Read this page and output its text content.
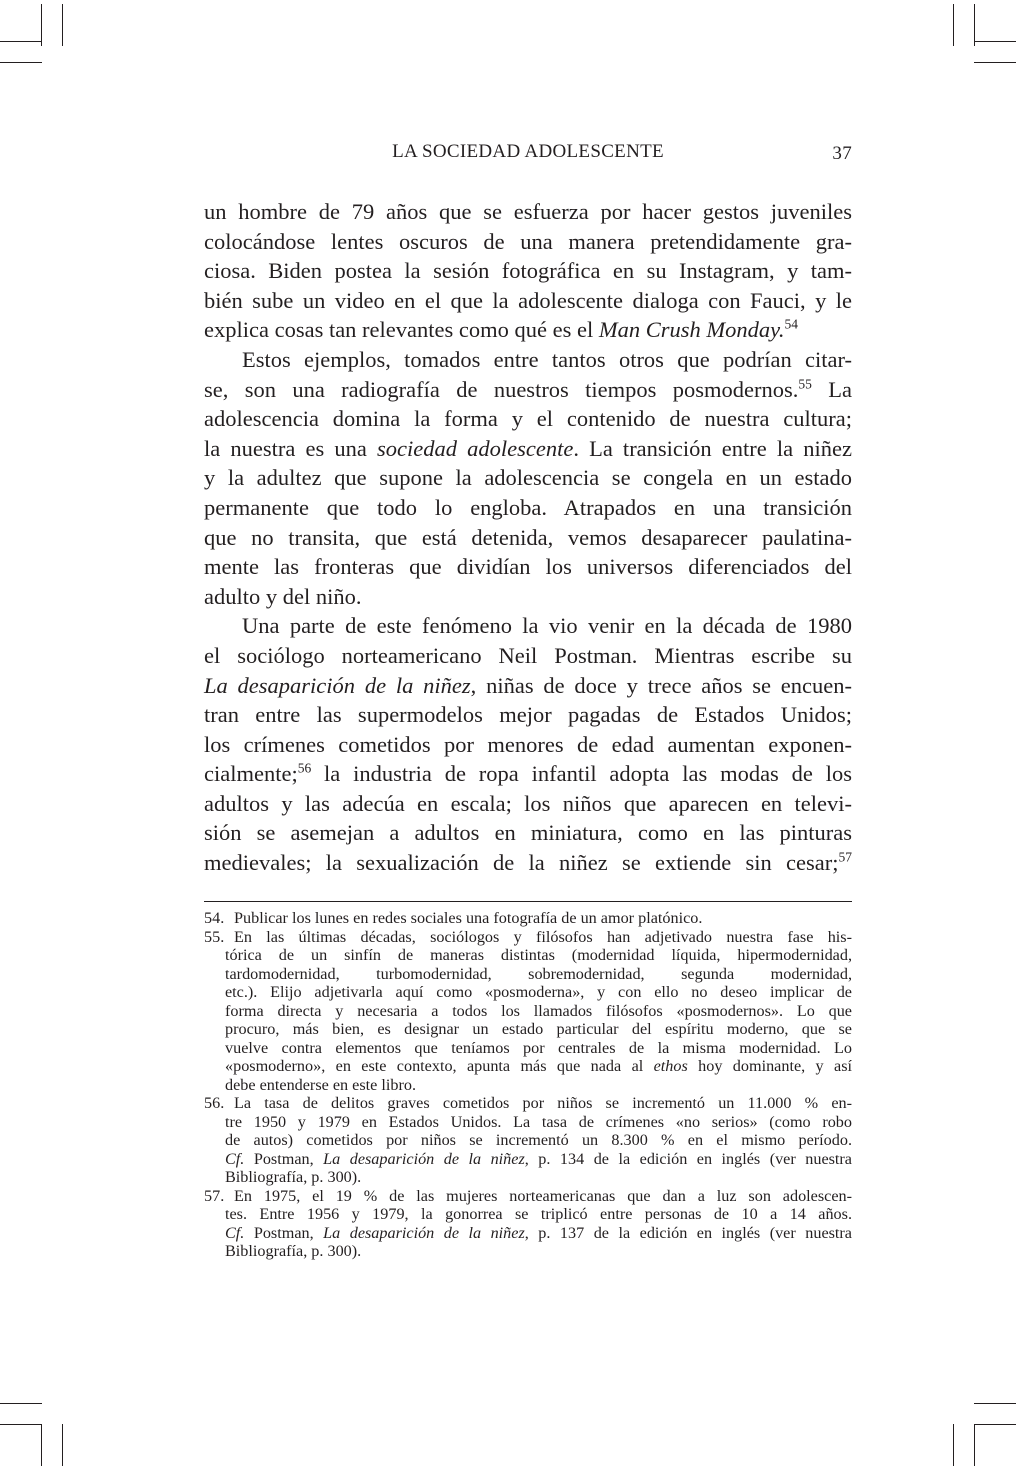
LA SOCIEDAD ADOLESCENTE	37
un hombre de 79 años que se esfuerza por hacer gestos juveniles
colocándose lentes oscuros de una manera pretendidamente gra-
ciosa. Biden postea la sesión fotográfica en su Instagram, y tam-
bién sube un video en el que la adolescente dialoga con Fauci, y le
explica cosas tan relevantes como qué es el Man Crush Monday.$^{54}$
Estos ejemplos, tomados entre tantos otros que podrían citar-
se, son una radiografía de nuestros tiempos posmodernos.$^{55}$ La
adolescencia domina la forma y el contenido de nuestra cultura;
la nuestra es una sociedad adolescente. La transición entre la niñez
y la adultez que supone la adolescencia se congela en un estado
permanente que todo lo engloba. Atrapados en una transición
que no transita, que está detenida, vemos desaparecer paulatina-
mente las fronteras que dividían los universos diferenciados del
adulto y del niño.
Una parte de este fenómeno la vio venir en la década de 1980
el sociólogo norteamericano Neil Postman. Mientras escribe su
La desaparición de la niñez, niñas de doce y trece años se encuen-
tran entre las supermodelos mejor pagadas de Estados Unidos;
los crímenes cometidos por menores de edad aumentan exponen-
cialmente;$^{56}$ la industria de ropa infantil adopta las modas de los
adultos y las adecúa en escala; los niños que aparecen en televi-
sión se asemejan a adultos en miniatura, como en las pinturas
medievales; la sexualización de la niñez se extiende sin cesar;$^{57}$
54. Publicar los lunes en redes sociales una fotografía de un amor platónico.
55. En las últimas décadas, sociólogos y filósofos han adjetivado nuestra fase his-
tórica de un sinfín de maneras distintas (modernidad líquida, hipermodernidad,
tardomodernidad, turbomodernidad, sobremodernidad, segunda modernidad,
etc.). Elijo adjetivarla aquí como «posmoderna», y con ello no deseo implicar de
forma directa y necesaria a todos los llamados filósofos «posmodernos». Lo que
procuro, más bien, es designar un estado particular del espíritu moderno, que se
vuelve contra elementos que teníamos por centrales de la misma modernidad. Lo
«posmoderno», en este contexto, apunta más que nada al ethos hoy dominante, y así
debe entenderse en este libro.
56. La tasa de delitos graves cometidos por niños se incrementó un 11.000 % en-
tre 1950 y 1979 en Estados Unidos. La tasa de crímenes «no serios» (como robo
de autos) cometidos por niños se incrementó un 8.300 % en el mismo período.
Cf. Postman, La desaparición de la niñez, p. 134 de la edición en inglés (ver nuestra
Bibliografía, p. 300).
57. En 1975, el 19 % de las mujeres norteamericanas que dan a luz son adolescen-
tes. Entre 1956 y 1979, la gonorrea se triplicó entre personas de 10 a 14 años.
Cf. Postman, La desaparición de la niñez, p. 137 de la edición en inglés (ver nuestra
Bibliografía, p. 300).
